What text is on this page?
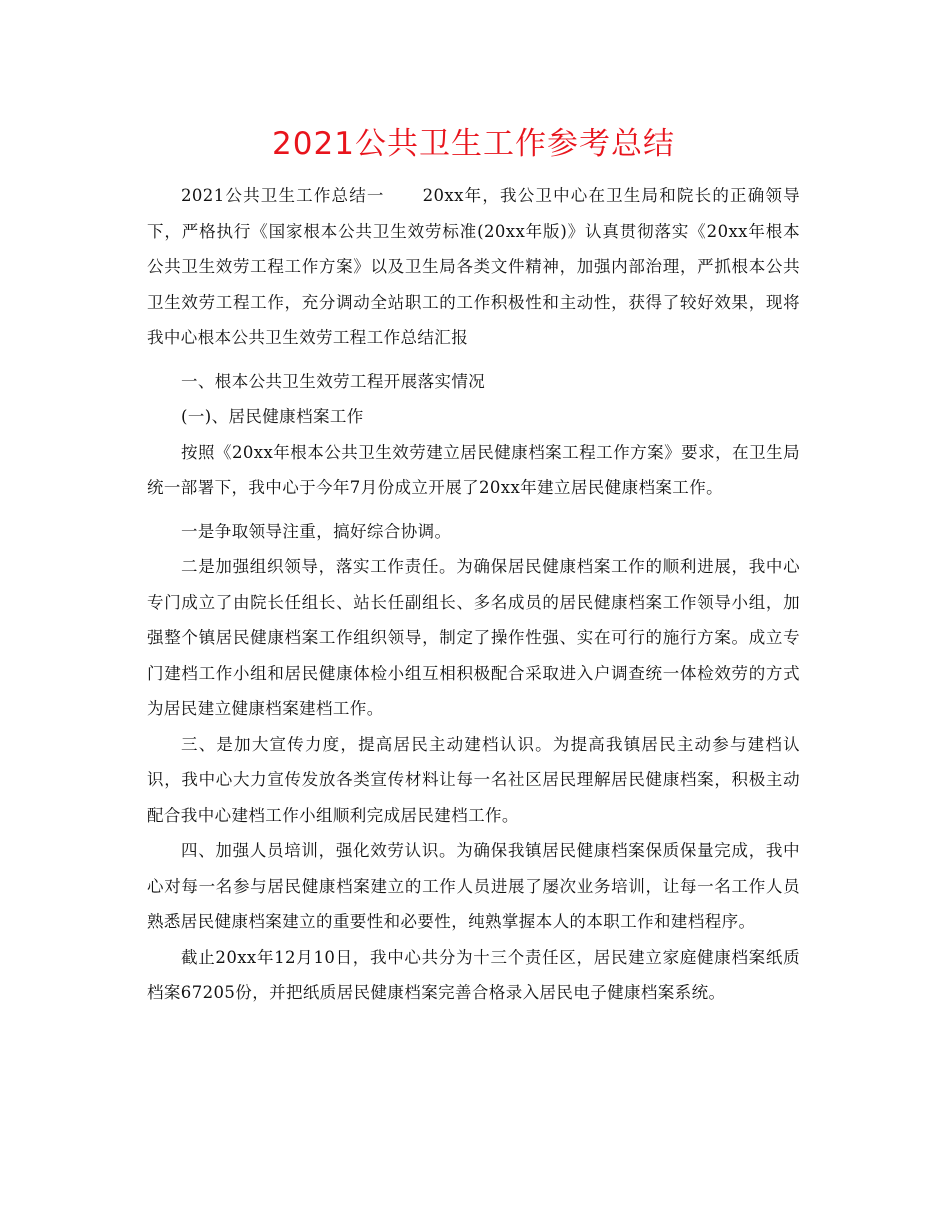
2021公共卫生工作参考总结

2021公共卫生工作总结一 20xx年，我公卫中心在卫生局和院长的正确领导下，严格执行《国家根本公共卫生效劳标准(20xx年版)》认真贯彻落实《20xx年根本公共卫生效劳工程工作方案》以及卫生局各类文件精神，加强内部治理，严抓根本公共卫生效劳工程工作，充分调动全站职工的工作积极性和主动性，获得了较好效果，现将我中心根本公共卫生效劳工程工作总结汇报

一、根本公共卫生效劳工程开展落实情况

(一)、居民健康档案工作

按照《20xx年根本公共卫生效劳建立居民健康档案工程工作方案》要求，在卫生局统一部署下，我中心于今年7月份成立开展了20xx年建立居民健康档案工作。

一是争取领导注重，搞好综合协调。

二是加强组织领导，落实工作责任。为确保居民健康档案工作的顺利进展，我中心专门成立了由院长任组长、站长任副组长、多名成员的居民健康档案工作领导小组，加强整个镇居民健康档案工作组织领导，制定了操作性强、实在可行的施行方案。成立专门建档工作小组和居民健康体检小组互相积极配合采取进入户调查统一体检效劳的方式为居民建立健康档案建档工作。

三、是加大宣传力度，提高居民主动建档认识。为提高我镇居民主动参与建档认识，我中心大力宣传发放各类宣传材料让每一名社区居民理解居民健康档案，积极主动配合我中心建档工作小组顺利完成居民建档工作。

四、加强人员培训，强化效劳认识。为确保我镇居民健康档案保质保量完成，我中心对每一名参与居民健康档案建立的工作人员进展了屡次业务培训，让每一名工作人员熟悉居民健康档案建立的重要性和必要性，纯熟掌握本人的本职工作和建档程序。

截止20xx年12月10日，我中心共分为十三个责任区，居民建立家庭健康档案纸质档案67205份，并把纸质居民健康档案完善合格录入居民电子健康档案系统。
